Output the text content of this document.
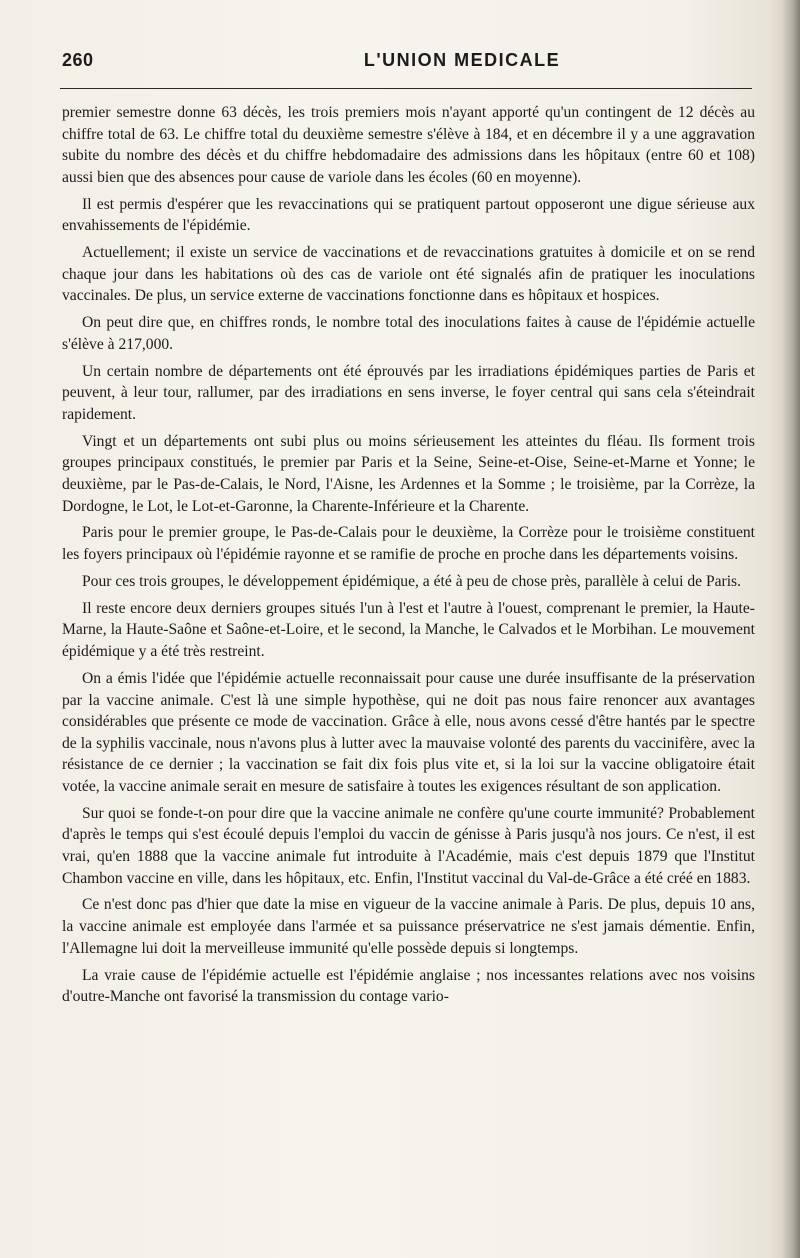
260	L'UNION MEDICALE

premier semestre donne 63 décès, les trois premiers mois n'ayant apporté qu'un contingent de 12 décès au chiffre total de 63. Le chiffre total du deuxième semestre s'élève à 184, et en décembre il y a une aggravation subite du nombre des décès et du chiffre hebdomadaire des admissions dans les hôpitaux (entre 60 et 108) aussi bien que des absences pour cause de variole dans les écoles (60 en moyenne).

Il est permis d'espérer que les revaccinations qui se pratiquent partout opposeront une digue sérieuse aux envahissements de l'épidémie.

Actuellement; il existe un service de vaccinations et de revaccinations gratuites à domicile et on se rend chaque jour dans les habitations où des cas de variole ont été signalés afin de pratiquer les inoculations vaccinales. De plus, un service externe de vaccinations fonctionne dans es hôpitaux et hospices.

On peut dire que, en chiffres ronds, le nombre total des inoculations faites à cause de l'épidémie actuelle s'élève à 217,000.

Un certain nombre de départements ont été éprouvés par les irradiations épidémiques parties de Paris et peuvent, à leur tour, rallumer, par des irradiations en sens inverse, le foyer central qui sans cela s'éteindrait rapidement.

Vingt et un départements ont subi plus ou moins sérieusement les atteintes du fléau. Ils forment trois groupes principaux constitués, le premier par Paris et la Seine, Seine-et-Oise, Seine-et-Marne et Yonne; le deuxième, par le Pas-de-Calais, le Nord, l'Aisne, les Ardennes et la Somme ; le troisième, par la Corrèze, la Dordogne, le Lot, le Lot-et-Garonne, la Charente-Inférieure et la Charente.

Paris pour le premier groupe, le Pas-de-Calais pour le deuxième, la Corrèze pour le troisième constituent les foyers principaux où l'épidémie rayonne et se ramifie de proche en proche dans les départements voisins.

Pour ces trois groupes, le développement épidémique, a été à peu de chose près, parallèle à celui de Paris.

Il reste encore deux derniers groupes situés l'un à l'est et l'autre à l'ouest, comprenant le premier, la Haute-Marne, la Haute-Saône et Saône-et-Loire, et le second, la Manche, le Calvados et le Morbihan. Le mouvement épidémique y a été très restreint.

On a émis l'idée que l'épidémie actuelle reconnaissait pour cause une durée insuffisante de la préservation par la vaccine animale. C'est là une simple hypothèse, qui ne doit pas nous faire renoncer aux avantages considérables que présente ce mode de vaccination. Grâce à elle, nous avons cessé d'être hantés par le spectre de la syphilis vaccinale, nous n'avons plus à lutter avec la mauvaise volonté des parents du vaccinifère, avec la résistance de ce dernier ; la vaccination se fait dix fois plus vite et, si la loi sur la vaccine obligatoire était votée, la vaccine animale serait en mesure de satisfaire à toutes les exigences résultant de son application.

Sur quoi se fonde-t-on pour dire que la vaccine animale ne confère qu'une courte immunité? Probablement d'après le temps qui s'est écoulé depuis l'emploi du vaccin de génisse à Paris jusqu'à nos jours. Ce n'est, il est vrai, qu'en 1888 que la vaccine animale fut introduite à l'Académie, mais c'est depuis 1879 que l'Institut Chambon vaccine en ville, dans les hôpitaux, etc. Enfin, l'Institut vaccinal du Val-de-Grâce a été créé en 1883.

Ce n'est donc pas d'hier que date la mise en vigueur de la vaccine animale à Paris. De plus, depuis 10 ans, la vaccine animale est employée dans l'armée et sa puissance préservatrice ne s'est jamais démentie. Enfin, l'Allemagne lui doit la merveilleuse immunité qu'elle possède depuis si longtemps.

La vraie cause de l'épidémie actuelle est l'épidémie anglaise ; nos incessantes relations avec nos voisins d'outre-Manche ont favorisé la transmission du contage vario-
